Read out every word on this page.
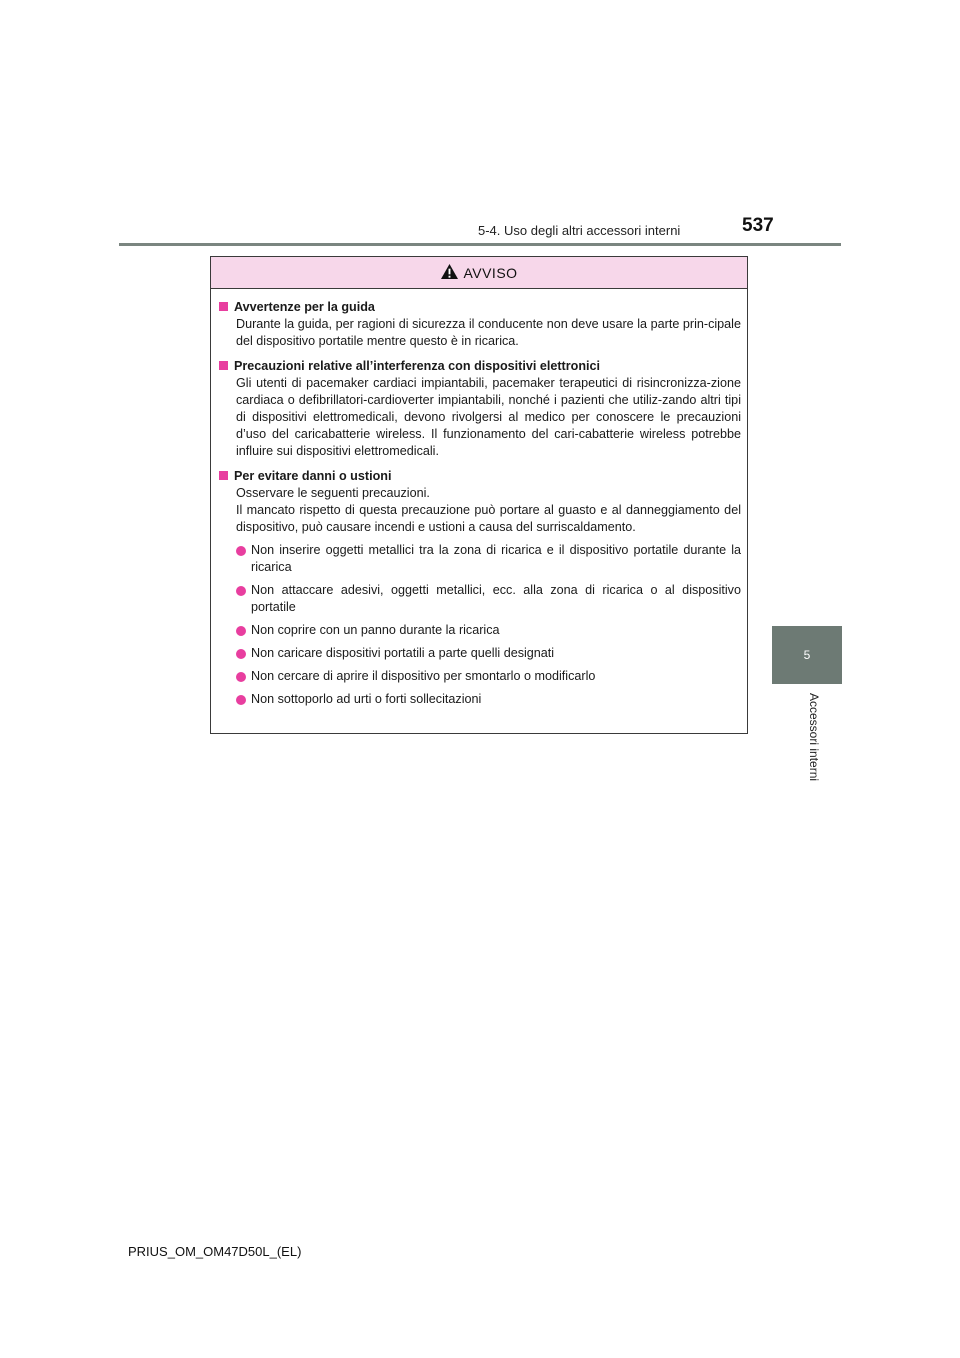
5-4. Uso degli altri accessori interni	537
5
Accessori interni
AVVISO
Avvertenze per la guida
Durante la guida, per ragioni di sicurezza il conducente non deve usare la parte prin-cipale del dispositivo portatile mentre questo è in ricarica.
Precauzioni relative all’interferenza con dispositivi elettronici
Gli utenti di pacemaker cardiaci impiantabili, pacemaker terapeutici di risincronizza-zione cardiaca o defibrillatori-cardioverter impiantabili, nonché i pazienti che utiliz-zando altri tipi di dispositivi elettromedicali, devono rivolgersi al medico per conoscere le precauzioni d’uso del caricabatterie wireless. Il funzionamento del cari-cabatterie wireless potrebbe influire sui dispositivi elettromedicali.
Per evitare danni o ustioni
Osservare le seguenti precauzioni.
Il mancato rispetto di questa precauzione può portare al guasto e al danneggiamento del dispositivo, può causare incendi e ustioni a causa del surriscaldamento.
Non inserire oggetti metallici tra la zona di ricarica e il dispositivo portatile durante la ricarica
Non attaccare adesivi, oggetti metallici, ecc. alla zona di ricarica o al dispositivo portatile
Non coprire con un panno durante la ricarica
Non caricare dispositivi portatili a parte quelli designati
Non cercare di aprire il dispositivo per smontarlo o modificarlo
Non sottoporlo ad urti o forti sollecitazioni
PRIUS_OM_OM47D50L_(EL)
